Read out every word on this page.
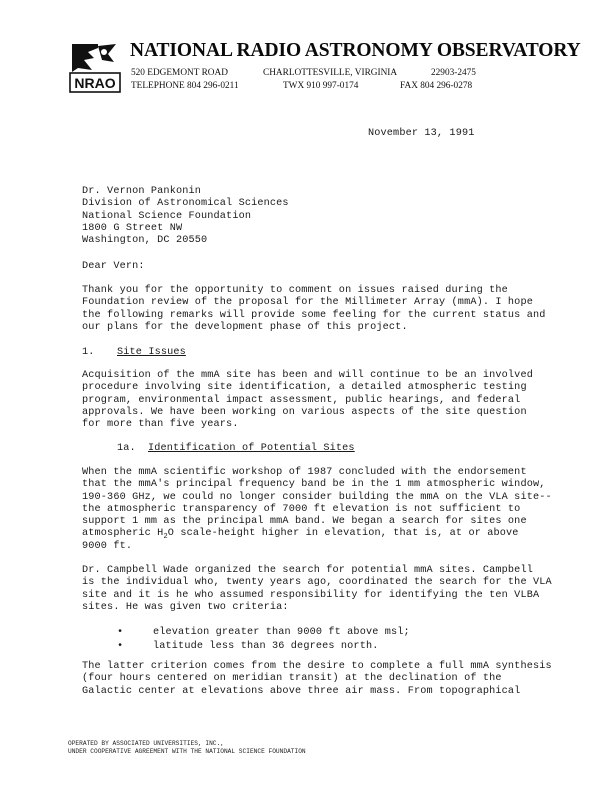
NRAO
NATIONAL RADIO ASTRONOMY OBSERVATORY
520 EDGEMONT ROAD	CHARLOTTESVILLE, VIRGINIA	22903-2475
TELEPHONE 804 296-0211	TWX 910 997-0174	FAX 804 296-0278
November 13, 1991
Dr. Vernon Pankonin
Division of Astronomical Sciences
National Science Foundation
1800 G Street NW
Washington, DC 20550
Dear Vern:
Thank you for the opportunity to comment on issues raised during the
Foundation review of the proposal for the Millimeter Array (mmA). I hope
the following remarks will provide some feeling for the current status and
our plans for the development phase of this project.
1. Site Issues
Acquisition of the mmA site has been and will continue to be an involved
procedure involving site identification, a detailed atmospheric testing
program, environmental impact assessment, public hearings, and federal
approvals. We have been working on various aspects of the site question
for more than five years.
1a. Identification of Potential Sites
When the mmA scientific workshop of 1987 concluded with the endorsement
that the mmA's principal frequency band be in the 1 mm atmospheric window,
190-360 GHz, we could no longer consider building the mmA on the VLA site--
the atmospheric transparency of 7000 ft elevation is not sufficient to
support 1 mm as the principal mmA band. We began a search for sites one
atmospheric $H_2O$ scale-height higher in elevation, that is, at or above
9000 ft.
Dr. Campbell Wade organized the search for potential mmA sites. Campbell
is the individual who, twenty years ago, coordinated the search for the VLA
site and it is he who assumed responsibility for identifying the ten VLBA
sites. He was given two criteria:
•	elevation greater than 9000 ft above msl;
•	latitude less than 36 degrees north.
The latter criterion comes from the desire to complete a full mmA synthesis
(four hours centered on meridian transit) at the declination of the
Galactic center at elevations above three air mass. From topographical
OPERATED BY ASSOCIATED UNIVERSITIES, INC.,
UNDER COOPERATIVE AGREEMENT WITH THE NATIONAL SCIENCE FOUNDATION
